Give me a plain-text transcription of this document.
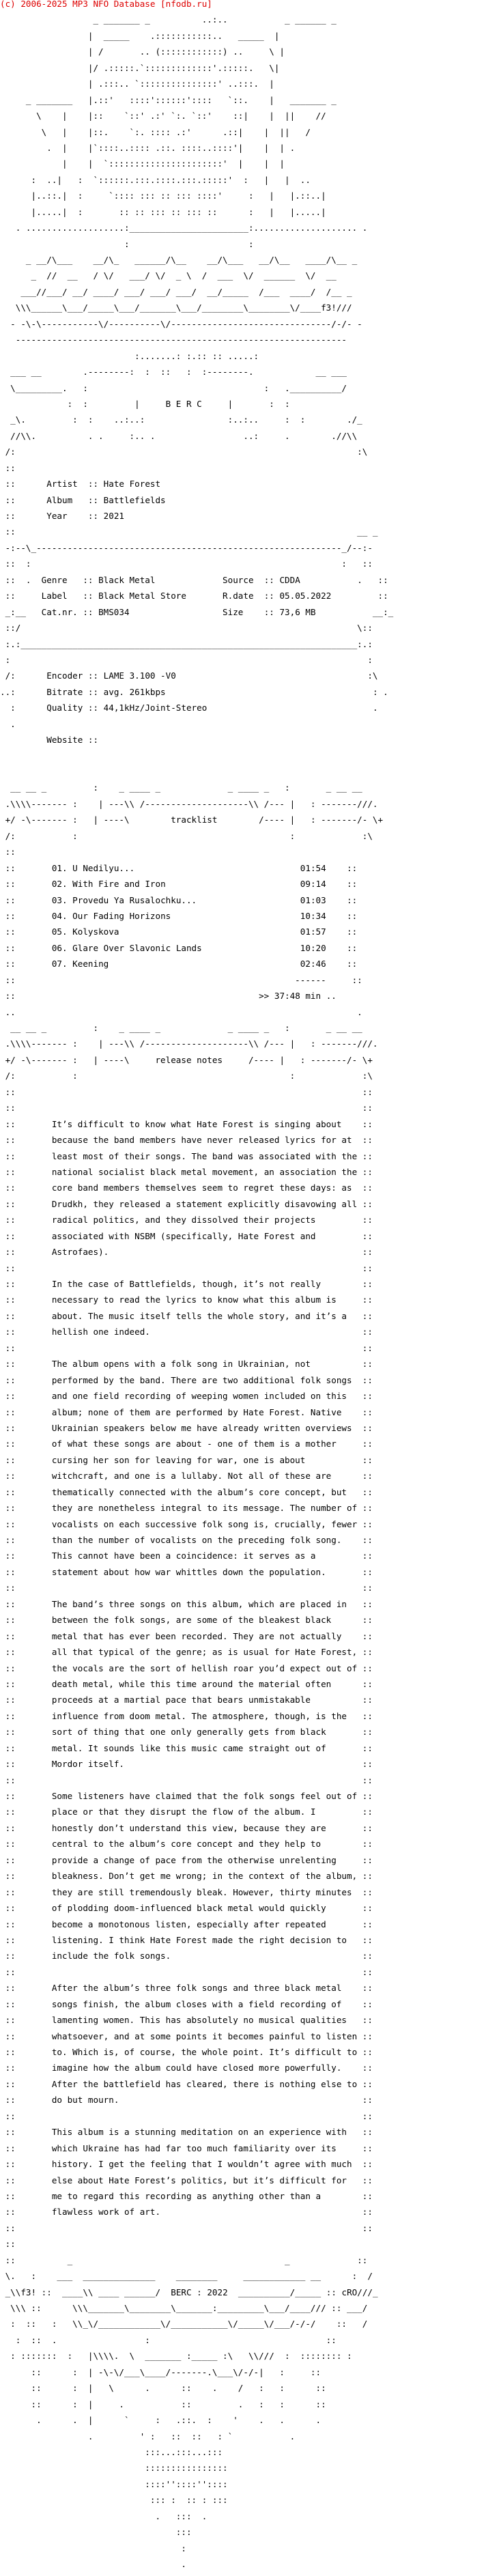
(c) 2006-2025 MP3 NFO Database [nfodb.ru]

_ _______ _          ..:..           _ ______ _

|  _____    .:::::::::::..   _____  |

| /       .. (::::::::::::) ..     \ |

|/ .:::::.`:::::::::::::'.:::::.   \|

| .:::.. `:::::::::::::::' ..:::.  |

_ _______   |.::'   ::::'::::::'::::   `::.    |   _______ _

\    |    |::    `::' .:' `:. `::'    ::|    |  ||    //

\   |    |::.    `:. :::: .:'      .::|    |  ||   /

.  |    |`::::..:::: .::. ::::..::::'|    |  | .

|    |  `::::::::::::::::::::::'  |    |  |

:  ..|   :  `::::::.:::.::::.:::.:::::'  :   |   |  ..

|..::.|  :     `:::: ::: :: ::: ::::'     :   |   |.::..|

|.....|  :       :: :: ::: :: ::: ::      :   |   |.....|

. ...................:_______________________:.................... .

:                       :

_ __/\___    __/\_   ______/\__    __/\___   __/\__   ____/\__ _

_  //  __   / \/   ___/ \/  _ \  /  ___  \/  ______  \/  __

___//___/ __/ ____/ ___/ ___/ ___/  __/_____  /___  ____/  /__ _

\\\______\___/_____\___/_______\___/________\________\/____f3!///

- -\-\-----------\/----------\/-------------------------------/-/- -

----------------------------------------------------------------

:.......: :.:: :: .....:

___ __        .--------:  :  ::   :  :--------.            __ ___

\_________.   :                                  :   .__________/

:  :         |     B E R C     |       :  :

_\.         :  :    ..:..:                :..:..     :  :        ./_

//\\.          . .     :.. .                 ..:     .        .//\\

/:                                                                  :\

::

::      Artist  :: Hate Forest

::      Album   :: Battlefields

::      Year    :: 2021

::                                                                  __ _

-:--\_-----------------------------------------------------------_/--:-

::  :                                                            :   ::

::  .  Genre   :: Black Metal             Source  :: CDDA           .   ::

::     Label   :: Black Metal Store       R.date  :: 05.05.2022         ::

_:__   Cat.nr. :: BMS034                  Size    :: 73,6 MB           __:_

::/                                                                 \::

:.:_________________________________________________________________:.:

:                                                                     :

/:      Encoder :: LAME 3.100 -V0                                     :\

..:      Bitrate :: avg. 261kbps                                        : .

:      Quality :: 44,1kHz/Joint-Stereo                                .

.

Website ::

__ __ _         :    _ ____ _             _ ____ _   :       _ __ __

.\\\\------- :    | ---\\ /--------------------\\ /--- |   : -------///.

+/ -\------- :   | ----\        tracklist        /---- |   : -------/- \+

/:           :                                         :             :\

::

::       01. U Nedilyu...                                01:54    ::

::       02. With Fire and Iron                          09:14    ::

::       03. Provedu Ya Rusalochku...                    01:03    ::

::       04. Our Fading Horizons                         10:34    ::

::       05. Kolyskova                                   01:57    ::

::       06. Glare Over Slavonic Lands                   10:20    ::

::       07. Keening                                     02:46    ::

::                                                      ------     ::

::                                               >> 37:48 min ..

..                                                                  .

__ __ _         :    _ ____ _             _ ____ _   :       _ __ __

.\\\\------- :    | ---\\ /--------------------\\ /--- |   : -------///.

+/ -\------- :   | ----\     release notes     /---- |   : -------/- \+

/:           :                                         :             :\

::                                                                   ::

::                                                                   ::

::       It’s difficult to know what Hate Forest is singing about    ::

::       because the band members have never released lyrics for at  ::

::       least most of their songs. The band was associated with the ::

::       national socialist black metal movement, an association the ::

::       core band members themselves seem to regret these days: as  ::

::       Drudkh, they released a statement explicitly disavowing all ::

::       radical politics, and they dissolved their projects         ::

::       associated with NSBM (specifically, Hate Forest and         ::

::       Astrofaes).                                                 ::

::                                                                   ::

::       In the case of Battlefields, though, it’s not really        ::

::       necessary to read the lyrics to know what this album is     ::

::       about. The music itself tells the whole story, and it’s a   ::

::       hellish one indeed.                                         ::

::                                                                   ::

::       The album opens with a folk song in Ukrainian, not          ::

::       performed by the band. There are two additional folk songs  ::

::       and one field recording of weeping women included on this   ::

::       album; none of them are performed by Hate Forest. Native    ::

::       Ukrainian speakers below me have already written overviews  ::

::       of what these songs are about - one of them is a mother     ::

::       cursing her son for leaving for war, one is about           ::

::       witchcraft, and one is a lullaby. Not all of these are      ::

::       thematically connected with the album’s core concept, but   ::

::       they are nonetheless integral to its message. The number of ::

::       vocalists on each successive folk song is, crucially, fewer ::

::       than the number of vocalists on the preceding folk song.    ::

::       This cannot have been a coincidence: it serves as a         ::

::       statement about how war whittles down the population.       ::

::                                                                   ::

::       The band’s three songs on this album, which are placed in   ::

::       between the folk songs, are some of the bleakest black      ::

::       metal that has ever been recorded. They are not actually    ::

::       all that typical of the genre; as is usual for Hate Forest, ::

::       the vocals are the sort of hellish roar you’d expect out of ::

::       death metal, while this time around the material often      ::

::       proceeds at a martial pace that bears unmistakable          ::

::       influence from doom metal. The atmosphere, though, is the   ::

::       sort of thing that one only generally gets from black       ::

::       metal. It sounds like this music came straight out of       ::

::       Mordor itself.                                              ::

::                                                                   ::

::       Some listeners have claimed that the folk songs feel out of ::

::       place or that they disrupt the flow of the album. I         ::

::       honestly don’t understand this view, because they are       ::

::       central to the album’s core concept and they help to        ::

::       provide a change of pace from the otherwise unrelenting     ::

::       bleakness. Don’t get me wrong; in the context of the album, ::

::       they are still tremendously bleak. However, thirty minutes  ::

::       of plodding doom-influenced black metal would quickly       ::

::       become a monotonous listen, especially after repeated       ::

::       listening. I think Hate Forest made the right decision to   ::

::       include the folk songs.                                     ::

::                                                                   ::

::       After the album’s three folk songs and three black metal    ::

::       songs finish, the album closes with a field recording of    ::

::       lamenting women. This has absolutely no musical qualities   ::

::       whatsoever, and at some points it becomes painful to listen ::

::       to. Which is, of course, the whole point. It’s difficult to ::

::       imagine how the album could have closed more powerfully.    ::

::       After the battlefield has cleared, there is nothing else to ::

::       do but mourn.                                               ::

::                                                                   ::

::       This album is a stunning meditation on an experience with   ::

::       which Ukraine has had far too much familiarity over its     ::

::       history. I get the feeling that I wouldn’t agree with much  ::

::       else about Hate Forest’s politics, but it’s difficult for   ::

::       me to regard this recording as anything other than a        ::

::       flawless work of art.                                       ::

::                                                                   ::

::

::          _                                         _             ::

\.   :    ___  ______________    ________     ____________ __      :  /

_\\f3! ::  ____\\ ____ ______/  BERC : 2022  __________/_____ :: cRO///_

\\\ ::      \\\_______\________\_______:_________\___/____/// :: ___/

:  ::   :   \\_\/____________\/___________\/_____\/___/-/-/    ::   /

:  ::  .                 :                                  ::

: :::::::  :   |\\\\.  \  _______ :_____ :\   \\///  :  :::::::: :

::      :  | -\-\/___\____/-------.\___\/-/-|   :     ::

::      :  |   \      .      ::    .    /   :   :      ::

::      :  |     .           ::         .   :   :      ::

.      .  |      `     :   .::.  :    '    .   .      .

.         ' :   ::  ::   : `           .

:::...:::...:::

::::::::::::::::

::::''::::''::::

::: :  :: : :::

.   :::  .

:::

:

.
